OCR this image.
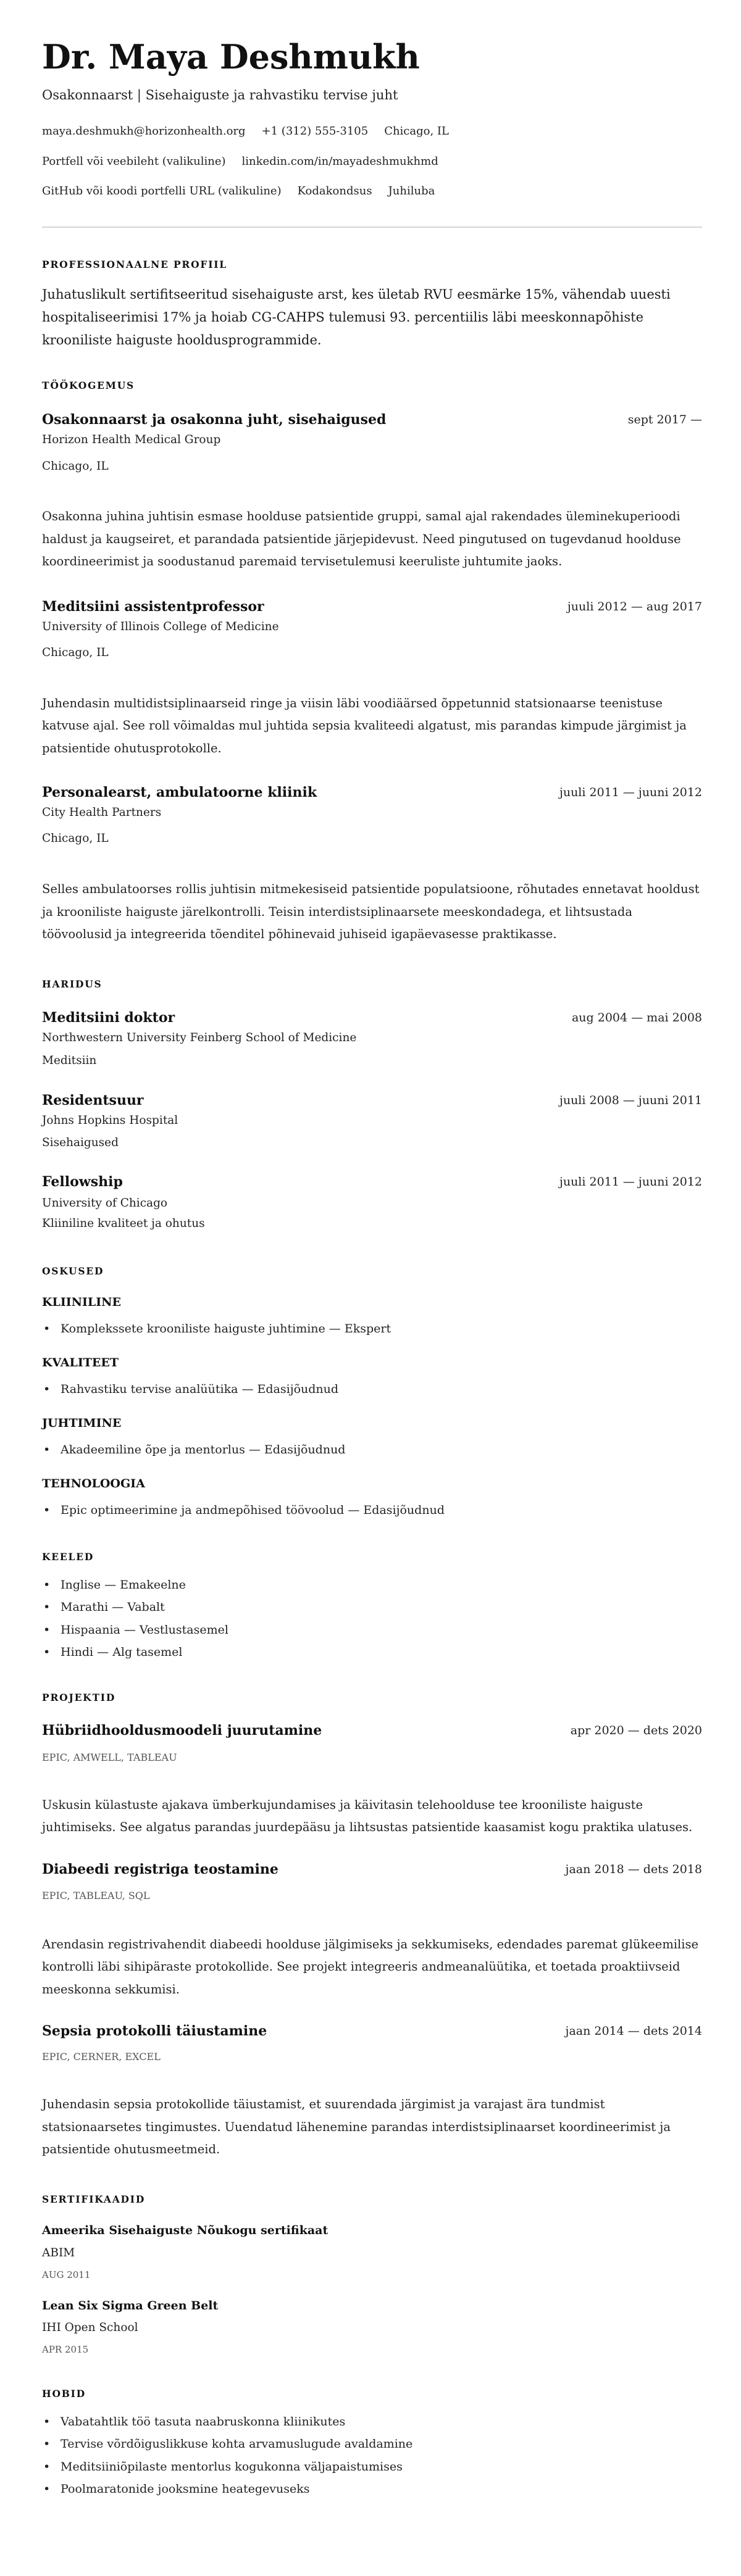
Dr. Maya Deshmukh
Osakonnaarst | Sisehaiguste ja rahvastiku tervise juht
maya.deshmukh@horizonhealth.org +1 (312) 555-3105 Chicago, IL
Portfell või veebileht (valikuline) linkedin.com/in/mayadeshmukhmd
GitHub või koodi portfelli URL (valikuline) Kodakondsus Juhiluba
PROFESSIONAALNE PROFIIL

Juhatuslikult sertifitseeritud sisehaiguste arst, kes ületab RVU eesmärke 15%, vähendab uuesti hospitaliseerimisi 17% ja hoiab CG-CAHPS tulemusi 93. percentiilis läbi meeskonnapõhiste krooniliste haiguste hooldusprogrammide.

TÖÖKOGEMUS
Osakonnaarst ja osakonna juht, sisehaigused	sept 2017 —
Horizon Health Medical Group
Chicago, IL

Osakonna juhina juhtisin esmase hoolduse patsientide gruppi, samal ajal rakendades üleminekuperioodi haldust ja kaugseiret, et parandada patsientide järjepidevust. Need pingutused on tugevdanud hoolduse koordineerimist ja soodustanud paremaid tervisetulemusi keeruliste juhtumite jaoks.

Meditsiini assistentprofessor	juuli 2012 — aug 2017
University of Illinois College of Medicine
Chicago, IL

Juhendasin multidistsiplinaarseid ringe ja viisin läbi voodiäärsed õppetunnid statsionaarse teenistuse katvuse ajal. See roll võimaldas mul juhtida sepsia kvaliteedi algatust, mis parandas kimpude järgimist ja patsientide ohutusprotokolle.

Personalearst, ambulatoorne kliinik	juuli 2011 — juuni 2012
City Health Partners
Chicago, IL

Selles ambulatoorses rollis juhtisin mitmekesiseid patsientide populatsioone, rõhutades ennetavat hooldust ja krooniliste haiguste järelkontrolli. Teisin interdistsiplinaarsete meeskondadega, et lihtsustada töövoolusid ja integreerida tõenditel põhinevaid juhiseid igapäevasesse praktikasse.

HARIDUS
Meditsiini doktor	aug 2004 — mai 2008
Northwestern University Feinberg School of Medicine
Meditsiin
Residentsuur	juuli 2008 — juuni 2011
Johns Hopkins Hospital
Sisehaigused
Fellowship	juuli 2011 — juuni 2012
University of Chicago
Kliiniline kvaliteet ja ohutus
OSKUSED
KLIINILINE
• Komplekssete krooniliste haiguste juhtimine — Ekspert
KVALITEET
• Rahvastiku tervise analüütika — Edasijõudnud
JUHTIMINE
• Akadeemiline õpe ja mentorlus — Edasijõudnud
TEHNOLOOGIA
• Epic optimeerimine ja andmepõhised töövoolud — Edasijõudnud
KEELED
• Inglise — Emakeelne
• Marathi — Vabalt
• Hispaania — Vestlustasemel
• Hindi — Alg tasemel
PROJEKTID
Hübriidhooldusmoodeli juurutamine	apr 2020 — dets 2020
EPIC, AMWELL, TABLEAU

Uskusin külastuste ajakava ümberkujundamises ja käivitasin telehoolduse tee krooniliste haiguste juhtimiseks. See algatus parandas juurdepääsu ja lihtsustas patsientide kaasamist kogu praktika ulatuses.

Diabeedi registriga teostamine	jaan 2018 — dets 2018
EPIC, TABLEAU, SQL

Arendasin registrivahendit diabeedi hoolduse jälgimiseks ja sekkumiseks, edendades paremat glükeemilise kontrolli läbi sihipäraste protokollide. See projekt integreeris andmeanalüütika, et toetada proaktiivseid meeskonna sekkumisi.

Sepsia protokolli täiustamine	jaan 2014 — dets 2014
EPIC, CERNER, EXCEL

Juhendasin sepsia protokollide täiustamist, et suurendada järgimist ja varajast ära tundmist statsionaarsetes tingimustes. Uuendatud lähenemine parandas interdistsiplinaarset koordineerimist ja patsientide ohutusmeetmeid.

SERTIFIKAADID
Ameerika Sisehaiguste Nõukogu sertifikaat
ABIM
AUG 2011
Lean Six Sigma Green Belt
IHI Open School
APR 2015
HOBID
• Vabatahtlik töö tasuta naabruskonna kliinikutes
• Tervise võrdõiguslikkuse kohta arvamuslugude avaldamine
• Meditsiiniõpilaste mentorlus kogukonna väljapaistumises
• Poolmaratonide jooksmine heategevuseks
